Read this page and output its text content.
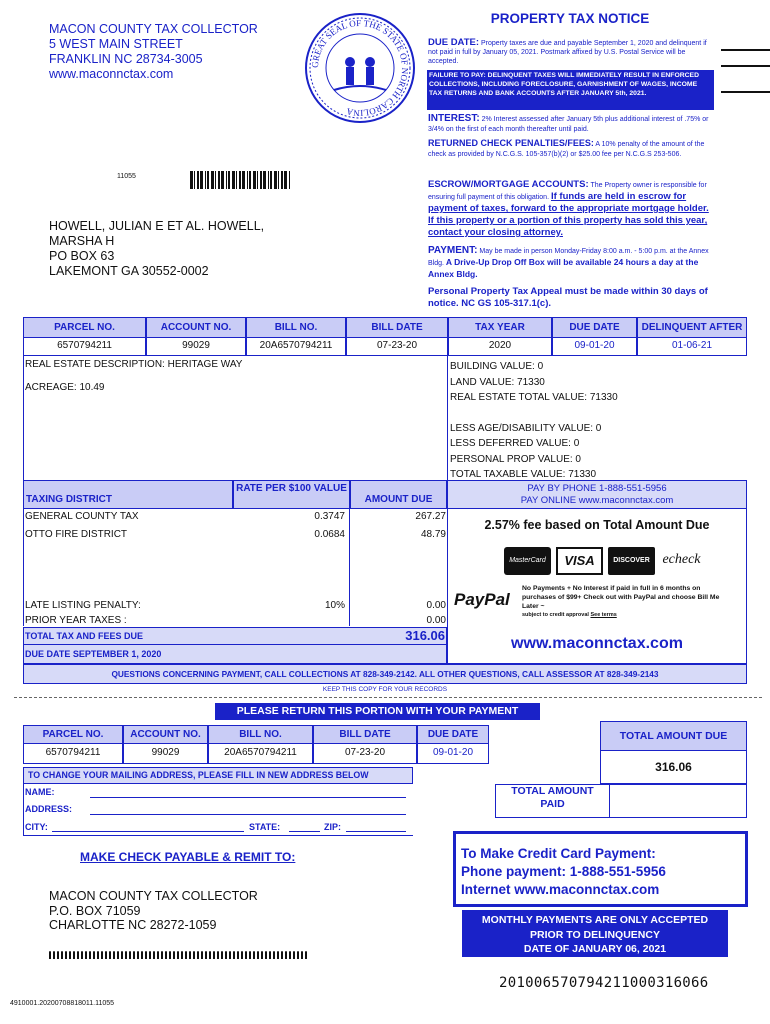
MACON COUNTY TAX COLLECTOR
5 WEST MAIN STREET
FRANKLIN NC 28734-3005
www.maconnctax.com
GREAT SEAL OF THE STATE OF NORTH CAROLINA
11055
HOWELL, JULIAN E ET AL. HOWELL,
MARSHA H
PO BOX 63
LAKEMONT GA 30552-0002
PROPERTY TAX NOTICE
DUE DATE: Property taxes are due and payable September 1, 2020 and delinquent if not paid in full by January 05, 2021. Postmark affixed by U.S. Postal Service will be accepted.
FAILURE TO PAY: DELINQUENT TAXES WILL IMMEDIATELY RESULT IN ENFORCED COLLECTIONS, INCLUDING FORECLOSURE, GARNISHMENT OF WAGES, INCOME TAX RETURNS AND BANK ACCOUNTS AFTER JANUARY 5th, 2021.
INTEREST: 2% Interest assessed after January 5th plus additional interest of .75% or 3/4% on the first of each month thereafter until paid.
RETURNED CHECK PENALTIES/FEES: A 10% penalty of the amount of the check as provided by N.C.G.S. 105-357(b)(2) or $25.00 fee per N.C.G.S 253-506.
ESCROW/MORTGAGE ACCOUNTS: The Property owner is responsible for ensuring full payment of this obligation. If funds are held in escrow for payment of taxes, forward to the appropriate mortgage holder. If this property or a portion of this property has sold this year, contact your closing attorney.
PAYMENT: May be made in person Monday-Friday 8:00 a.m. - 5:00 p.m. at the Annex Bldg. A Drive-Up Drop Off Box will be available 24 hours a day at the Annex Bldg.
Personal Property Tax Appeal must be made within 30 days of notice. NC GS 105-317.1(c).
PARCEL NO.	ACCOUNT NO.	BILL NO.	BILL DATE	TAX YEAR	DUE DATE	DELINQUENT AFTER
6570794211	99029	20A6570794211	07-23-20	2020	09-01-20	01-06-21
REAL ESTATE DESCRIPTION: HERITAGE WAY
ACREAGE: 10.49
BUILDING VALUE: 0
LAND VALUE: 71330
REAL ESTATE TOTAL VALUE: 71330
LESS AGE/DISABILITY VALUE: 0
LESS DEFERRED VALUE: 0
PERSONAL PROP VALUE: 0
TOTAL TAXABLE VALUE: 71330
TAXING DISTRICT
RATE PER $100 VALUE
AMOUNT DUE
GENERAL COUNTY TAX	0.3747	267.27
OTTO FIRE DISTRICT	0.0684	48.79
LATE LISTING PENALTY:	10%	0.00
PRIOR YEAR TAXES :	0.00
TOTAL TAX AND FEES DUE	316.06
DUE DATE SEPTEMBER 1, 2020
PAY BY PHONE 1-888-551-5956
PAY ONLINE www.maconnctax.com
2.57% fee based on Total Amount Due
MasterCard	VISA	DISCOVER echeck
PayPal
No Payments + No Interest if paid in full in 6 months on purchases of $99+ Check out with PayPal and choose Bill Me Later ~
subject to credit approval See terms
www.maconnctax.com
QUESTIONS CONCERNING PAYMENT, CALL COLLECTIONS AT 828-349-2142. ALL OTHER QUESTIONS, CALL ASSESSOR AT 828-349-2143
KEEP THIS COPY FOR YOUR RECORDS
PLEASE RETURN THIS PORTION WITH YOUR PAYMENT
PARCEL NO.	ACCOUNT NO.	BILL NO.	BILL DATE	DUE DATE
6570794211	99029	20A6570794211	07-23-20	09-01-20
TOTAL AMOUNT DUE
316.06
TO CHANGE YOUR MAILING ADDRESS, PLEASE FILL IN NEW ADDRESS BELOW
NAME:
ADDRESS:
CITY:	STATE:	ZIP:
TOTAL AMOUNT PAID
MAKE CHECK PAYABLE & REMIT TO:
MACON COUNTY TAX COLLECTOR
P.O. BOX 71059
CHARLOTTE NC 28272-1059
To Make Credit Card Payment:
Phone payment: 1-888-551-5956
Internet www.maconnctax.com
MONTHLY PAYMENTS ARE ONLY ACCEPTED
PRIOR TO DELINQUENCY
DATE OF JANUARY 06, 2021
201006570794211000316066
4910001.20200708818011.11055
